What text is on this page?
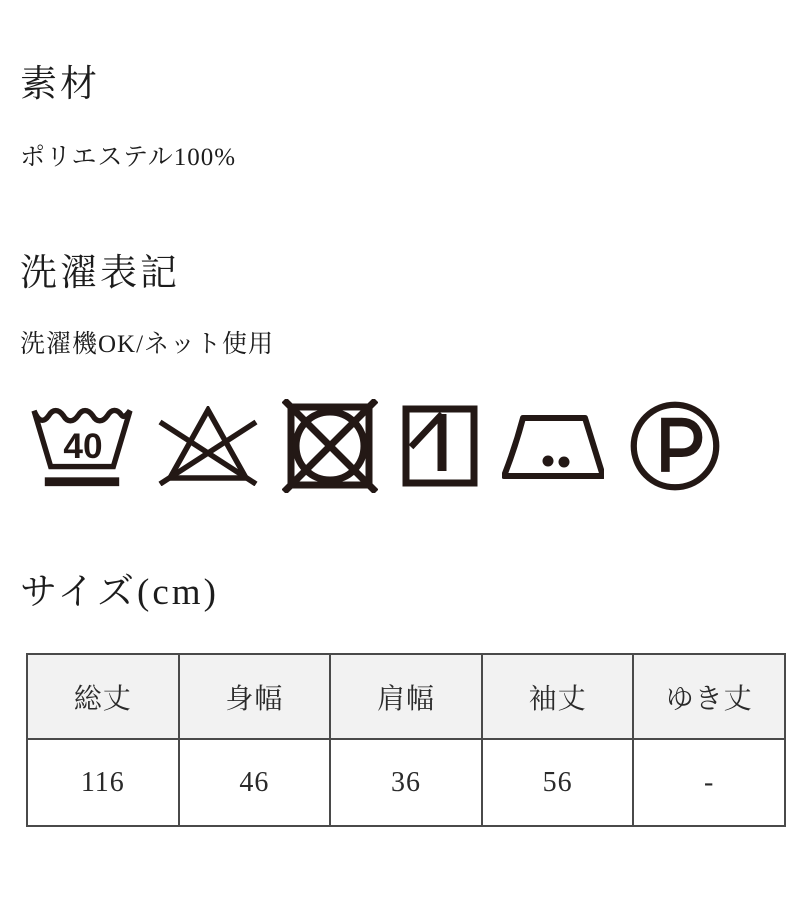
素材

ポリエステル100%

洗濯表記

洗濯機OK/ネット使用

40
サイズ(cm)
総丈	身幅	肩幅	袖丈	ゆき丈
116	46	36	56	-
